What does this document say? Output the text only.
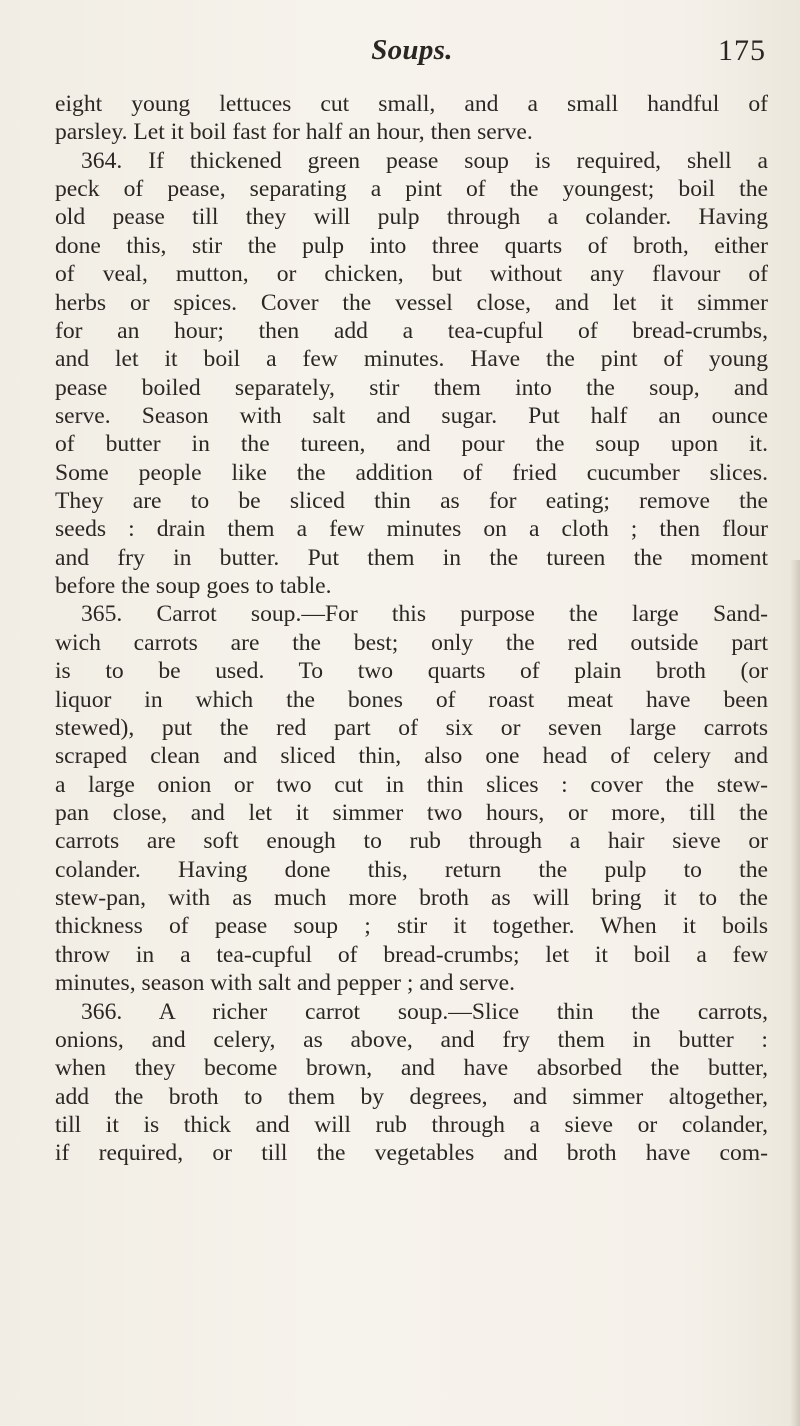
Soups.	175
eight young lettuces cut small, and a small handful of
parsley. Let it boil fast for half an hour, then serve.
364. If thickened green pease soup is required, shell a
peck of pease, separating a pint of the youngest; boil the
old pease till they will pulp through a colander. Having
done this, stir the pulp into three quarts of broth, either
of veal, mutton, or chicken, but without any flavour of
herbs or spices. Cover the vessel close, and let it simmer
for an hour; then add a tea-cupful of bread-crumbs,
and let it boil a few minutes. Have the pint of young
pease boiled separately, stir them into the soup, and
serve. Season with salt and sugar. Put half an ounce
of butter in the tureen, and pour the soup upon it.
Some people like the addition of fried cucumber slices.
They are to be sliced thin as for eating; remove the
seeds : drain them a few minutes on a cloth ; then flour
and fry in butter. Put them in the tureen the moment
before the soup goes to table.
365. Carrot soup.—For this purpose the large Sand-
wich carrots are the best; only the red outside part
is to be used. To two quarts of plain broth (or
liquor in which the bones of roast meat have been
stewed), put the red part of six or seven large carrots
scraped clean and sliced thin, also one head of celery and
a large onion or two cut in thin slices : cover the stew-
pan close, and let it simmer two hours, or more, till the
carrots are soft enough to rub through a hair sieve or
colander. Having done this, return the pulp to the
stew-pan, with as much more broth as will bring it to the
thickness of pease soup ; stir it together. When it boils
throw in a tea-cupful of bread-crumbs; let it boil a few
minutes, season with salt and pepper ; and serve.
366. A richer carrot soup.—Slice thin the carrots,
onions, and celery, as above, and fry them in butter :
when they become brown, and have absorbed the butter,
add the broth to them by degrees, and simmer altogether,
till it is thick and will rub through a sieve or colander,
if required, or till the vegetables and broth have com-
